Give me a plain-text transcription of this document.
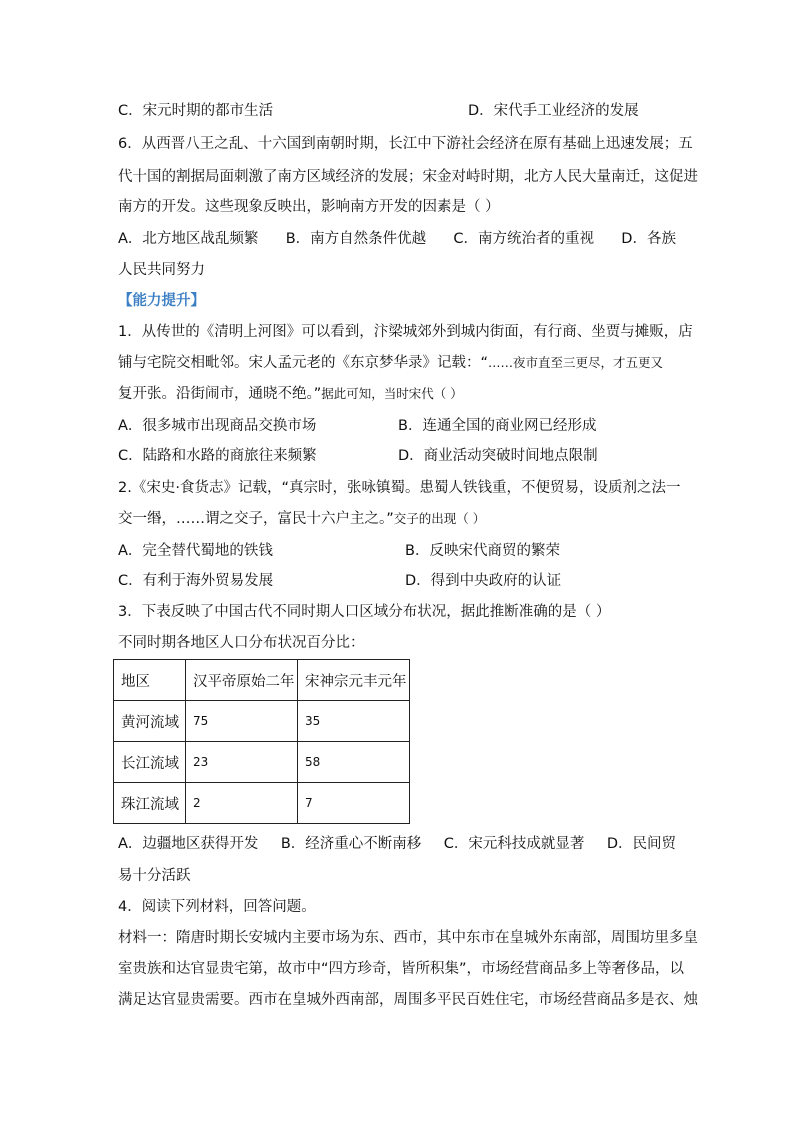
C．宋元时期的都市生活	D．宋代手工业经济的发展
6．从西晋八王之乱、十六国到南朝时期，长江中下游社会经济在原有基础上迅速发展；五
代十国的割据局面刺激了南方区域经济的发展；宋金对峙时期，北方人民大量南迁，这促进
南方的开发。这些现象反映出，影响南方开发的因素是（ ）
A．北方地区战乱频繁 B．南方自然条件优越 C．南方统治者的重视 D．各族
人民共同努力
【能力提升】
1．从传世的《清明上河图》可以看到，汴梁城郊外到城内街面，有行商、坐贾与摊贩，店
铺与宅院交相毗邻。宋人孟元老的《东京梦华录》记载：“……夜市直至三更尽，才五更又
复开张。沿街闹市，通晓不绝。”据此可知，当时宋代（ ）
A．很多城市出现商品交换市场	B．连通全国的商业网已经形成
C．陆路和水路的商旅往来频繁	D．商业活动突破时间地点限制
2.《宋史·食货志》记载，“真宗时，张咏镇蜀。患蜀人铁钱重，不便贸易，设质剂之法一
交一缗，……谓之交子，富民十六户主之。”交子的出现（ ）
A．完全替代蜀地的铁钱	B．反映宋代商贸的繁荣
C．有利于海外贸易发展	D．得到中央政府的认证
3．下表反映了中国古代不同时期人口区域分布状况，据此推断准确的是（ ）
不同时期各地区人口分布状况百分比：
地区	汉平帝原始二年	宋神宗元丰元年
黄河流域	75	35
长江流域	23	58
珠江流域	2	7
A．边疆地区获得开发 B．经济重心不断南移 C．宋元科技成就显著 D．民间贸
易十分活跃
4．阅读下列材料，回答问题。
材料一：隋唐时期长安城内主要市场为东、西市，其中东市在皇城外东南部，周围坊里多皇
室贵族和达官显贵宅第，故市中“四方珍奇，皆所积集”，市场经营商品多上等奢侈品，以
满足达官显贵需要。西市在皇城外西南部，周围多平民百姓住宅，市场经营商品多是衣、烛
